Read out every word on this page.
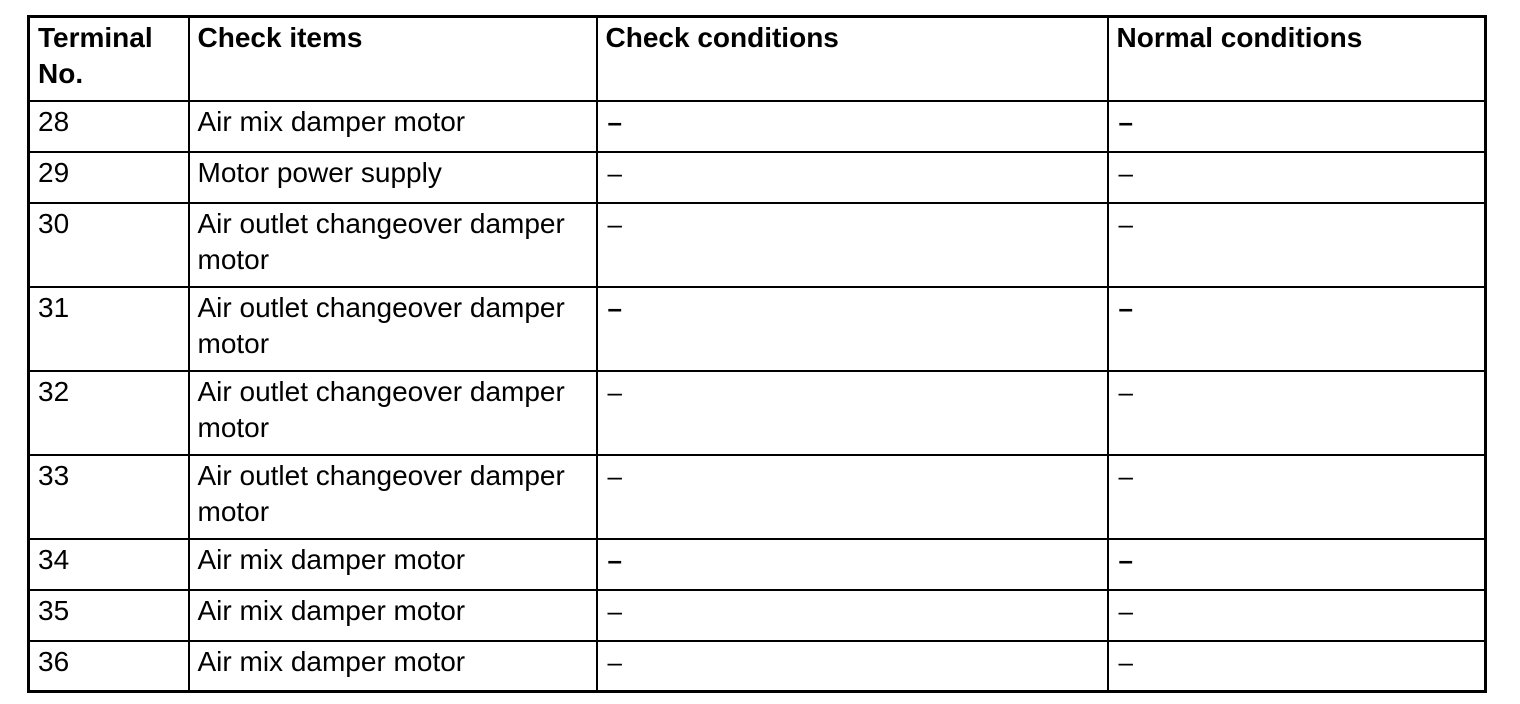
Terminal No.	Check items	Check conditions	Normal conditions
28	Air mix damper motor	–	–
29	Motor power supply	–	–
30	Air outlet changeover damper motor	–	–
31	Air outlet changeover damper motor	–	–
32	Air outlet changeover damper motor	–	–
33	Air outlet changeover damper motor	–	–
34	Air mix damper motor	–	–
35	Air mix damper motor	–	–
36	Air mix damper motor	–	–
